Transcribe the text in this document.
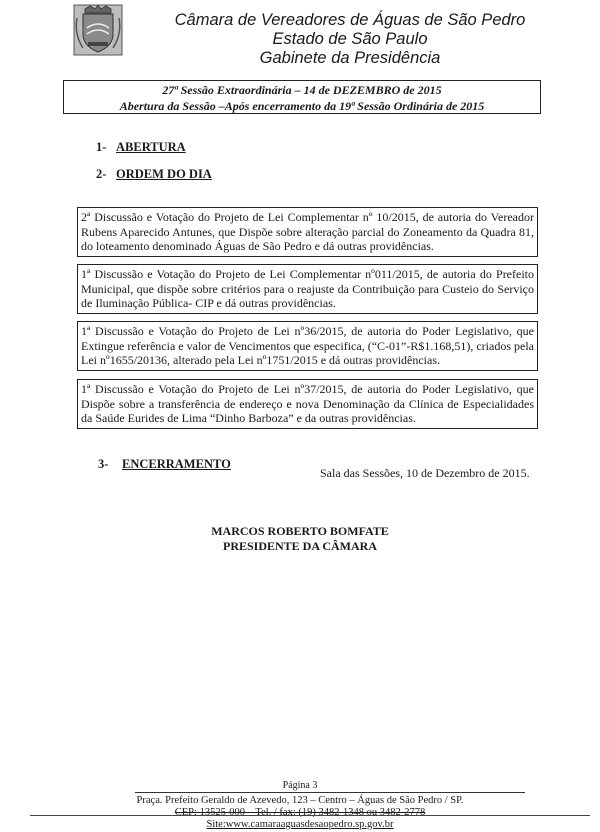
Câmara de Vereadores de Águas de São Pedro
Estado de São Paulo
Gabinete da Presidência
27ª Sessão Extraordinária – 14 de DEZEMBRO de 2015
Abertura da Sessão –Após encerramento da 19ª Sessão Ordinária de 2015
1- ABERTURA
2- ORDEM DO DIA
2ª Discussão e Votação do Projeto de Lei Complementar nº 10/2015, de autoria do Vereador Rubens Aparecido Antunes, que Dispõe sobre alteração parcial do Zoneamento da Quadra 81, do loteamento denominado Águas de São Pedro e dá outras providências.
1ª Discussão e Votação do Projeto de Lei Complementar nº011/2015, de autoria do Prefeito Municipal, que dispõe sobre critérios para o reajuste da Contribuição para Custeio do Serviço de Iluminação Pública- CIP e dá outras providências.
1ª Discussão e Votação do Projeto de Lei nº36/2015, de autoria do Poder Legislativo, que Extingue referência e valor de Vencimentos que especifica, (“C-01”-R$1.168,51), criados pela Lei nº1655/20136, alterado pela Lei nº1751/2015 e dá outras providências.
1ª Discussão e Votação do Projeto de Lei nº37/2015, de autoria do Poder Legislativo, que Dispõe sobre a transferência de endereço e nova Denominação da Clínica de Especialidades da Saúde Eurides de Lima “Dinho Barboza” e da outras providências.
3- ENCERRAMENTO
Sala das Sessões, 10 de Dezembro de 2015.
MARCOS ROBERTO BOMFATE
PRESIDENTE DA CÂMARA
Página 3
Praça. Prefeito Geraldo de Azevedo, 123 – Centro – Águas de São Pedro / SP.
CEP: 13525-000 – Tel. / fax: (19) 3482-1348 ou 3482-2778
Site:www.camaraaguasdesaopedro.sp.gov.br
